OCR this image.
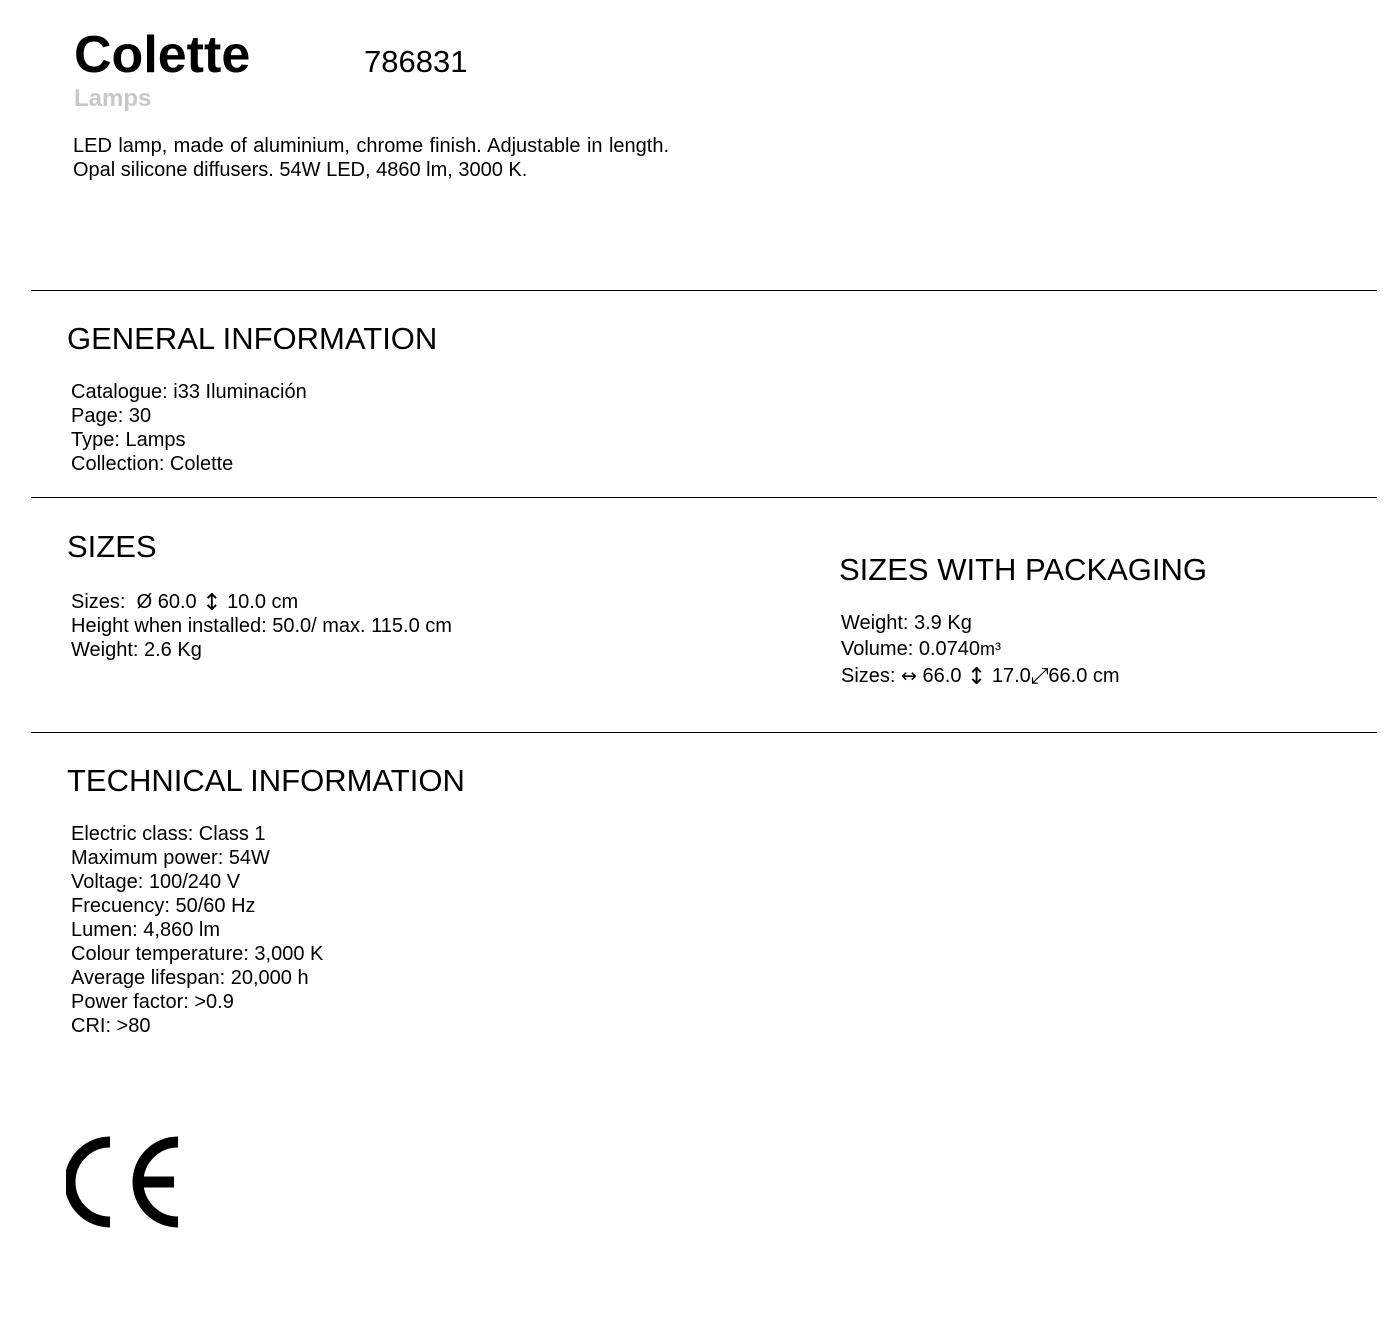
Colette	786831
Lamps
LED lamp, made of aluminium, chrome finish. Adjustable in length. Opal silicone diffusers. 54W LED, 4860 lm, 3000 K.
GENERAL INFORMATION
Catalogue: i33 Iluminación
Page: 30
Type: Lamps
Collection: Colette
SIZES
Sizes: Ø 60.0 ↕ 10.0 cm
Height when installed: 50.0/ max. 115.0 cm
Weight: 2.6 Kg
SIZES WITH PACKAGING
Weight: 3.9 Kg
Volume: 0.0740m³
Sizes: ↔ 66.0 ↕ 17.0⤢66.0 cm
TECHNICAL INFORMATION
Electric class: Class 1
Maximum power: 54W
Voltage: 100/240 V
Frecuency: 50/60 Hz
Lumen: 4,860 lm
Colour temperature: 3,000 K
Average lifespan: 20,000 h
Power factor: >0.9
CRI: >80
